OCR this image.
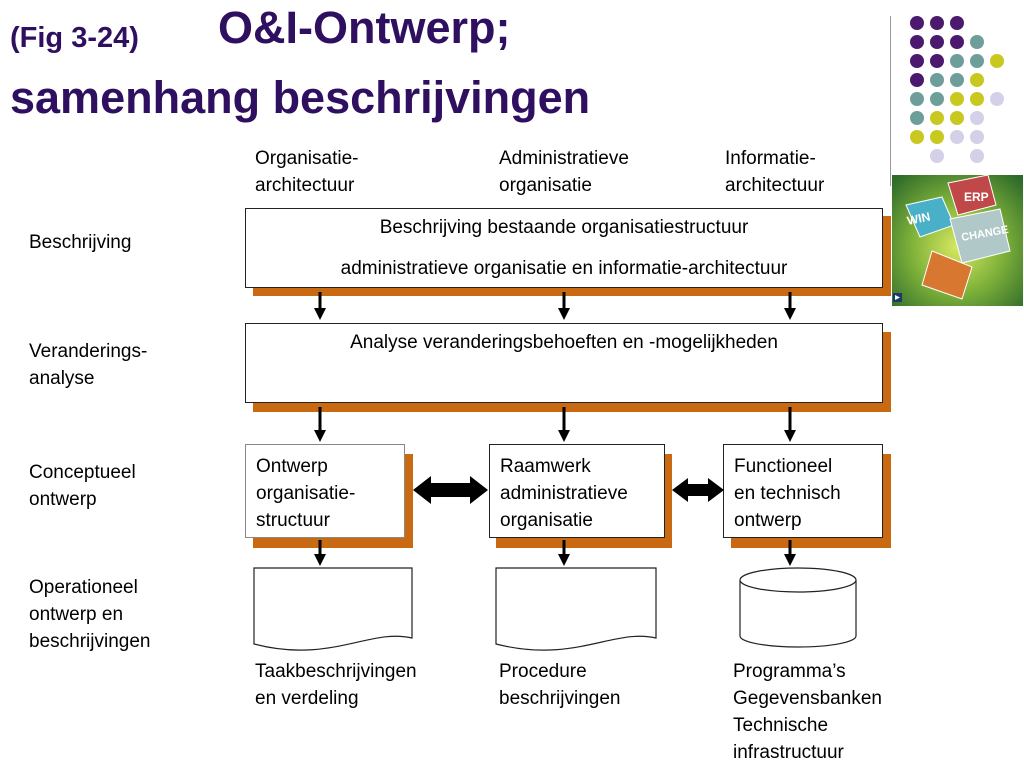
(Fig 3-24) O&I-Ontwerp;
samenhang beschrijvingen
ERP
CHANGE
WIN
Organisatie-
architectuur
Administratieve
organisatie
Informatie-
architectuur
Beschrijving
Veranderings-
analyse
Conceptueel
ontwerp
Operationeel
ontwerp en
beschrijvingen
Beschrijving bestaande organisatiestructuur
administratieve organisatie en informatie-architectuur
Analyse veranderingsbehoeften en -mogelijkheden
Ontwerp
organisatie-
structuur
Raamwerk
administratieve
organisatie
Functioneel
en technisch
ontwerp
Taakbeschrijvingen
en verdeling
Procedure
beschrijvingen
Programma’s
Gegevensbanken
Technische
infrastructuur
